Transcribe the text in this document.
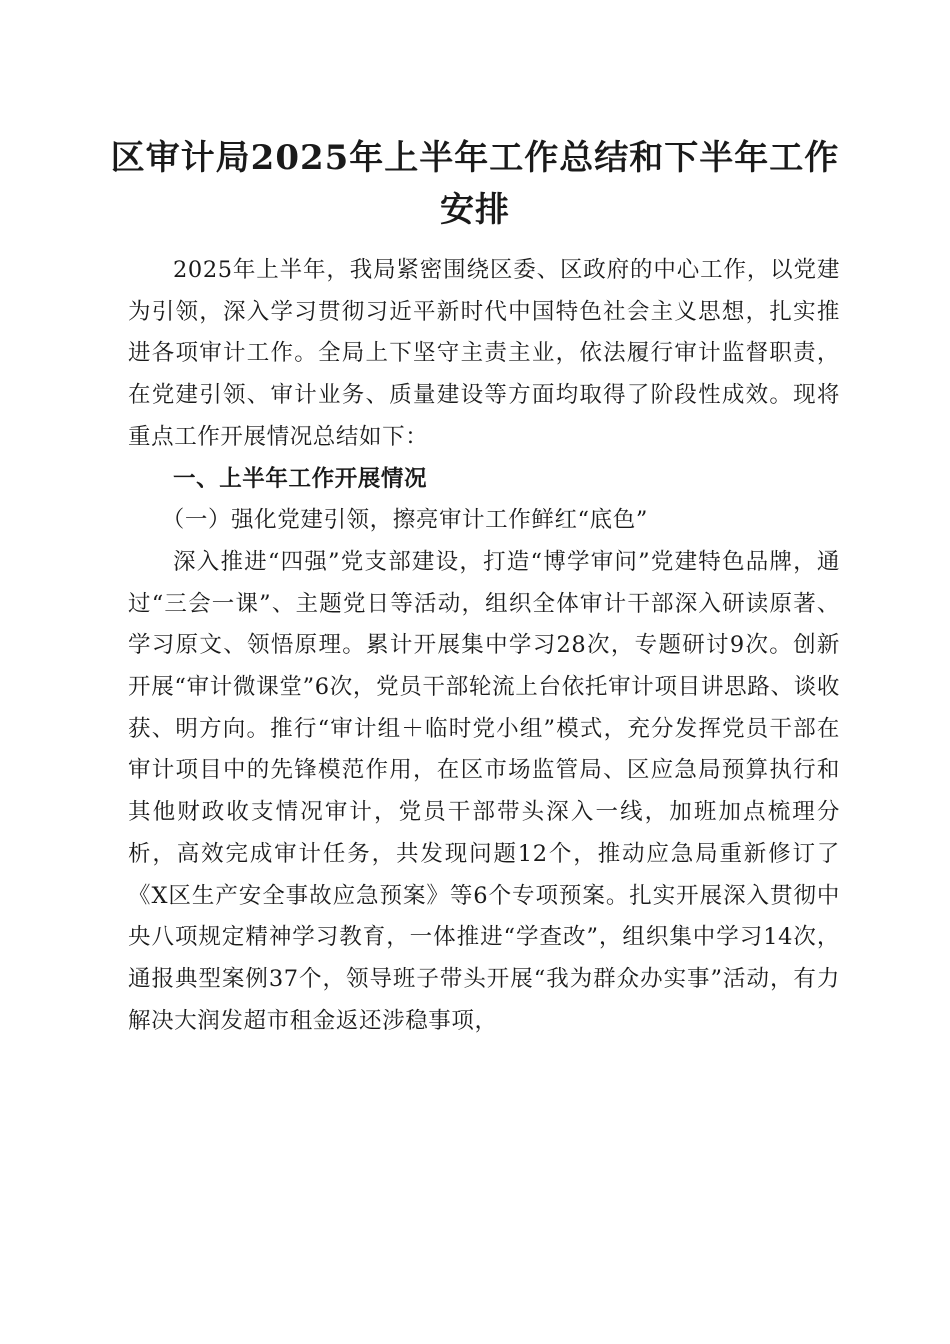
区审计局2025年上半年工作总结和下半年工作安排

2025年上半年，我局紧密围绕区委、区政府的中心工作，以党建为引领，深入学习贯彻习近平新时代中国特色社会主义思想，扎实推进各项审计工作。全局上下坚守主责主业，依法履行审计监督职责，在党建引领、审计业务、质量建设等方面均取得了阶段性成效。现将重点工作开展情况总结如下：

一、上半年工作开展情况

（一）强化党建引领，擦亮审计工作鲜红“底色”

深入推进“四强”党支部建设，打造“博学审问”党建特色品牌，通过“三会一课”、主题党日等活动，组织全体审计干部深入研读原著、学习原文、领悟原理。累计开展集中学习28次，专题研讨9次。创新开展“审计微课堂”6次，党员干部轮流上台依托审计项目讲思路、谈收获、明方向。推行“审计组＋临时党小组”模式，充分发挥党员干部在审计项目中的先锋模范作用，在区市场监管局、区应急局预算执行和其他财政收支情况审计，党员干部带头深入一线，加班加点梳理分析，高效完成审计任务，共发现问题12个，推动应急局重新修订了《X区生产安全事故应急预案》等6个专项预案。扎实开展深入贯彻中央八项规定精神学习教育，一体推进“学查改”，组织集中学习14次，通报典型案例37个，领导班子带头开展“我为群众办实事”活动，有力解决大润发超市租金返还涉稳事项，
